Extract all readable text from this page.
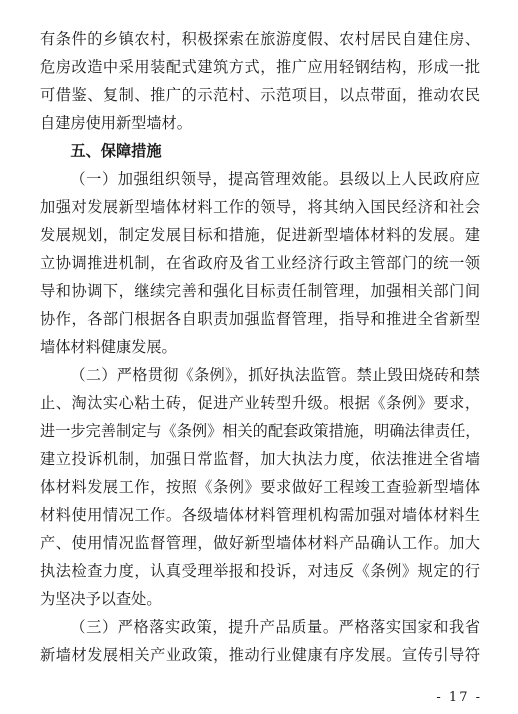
有条件的乡镇农村，积极探索在旅游度假、农村居民自建住房、
危房改造中采用装配式建筑方式，推广应用轻钢结构，形成一批
可借鉴、复制、推广的示范村、示范项目，以点带面，推动农民
自建房使用新型墙材。
五、保障措施
（一）加强组织领导，提高管理效能。县级以上人民政府应
加强对发展新型墙体材料工作的领导，将其纳入国民经济和社会
发展规划，制定发展目标和措施，促进新型墙体材料的发展。建
立协调推进机制，在省政府及省工业经济行政主管部门的统一领
导和协调下，继续完善和强化目标责任制管理，加强相关部门间
协作，各部门根据各自职责加强监督管理，指导和推进全省新型
墙体材料健康发展。
（二）严格贯彻《条例》，抓好执法监管。禁止毁田烧砖和禁
止、淘汰实心粘土砖，促进产业转型升级。根据《条例》要求，
进一步完善制定与《条例》相关的配套政策措施，明确法律责任，
建立投诉机制，加强日常监督，加大执法力度，依法推进全省墙
体材料发展工作，按照《条例》要求做好工程竣工查验新型墙体
材料使用情况工作。各级墙体材料管理机构需加强对墙体材料生
产、使用情况监督管理，做好新型墙体材料产品确认工作。加大
执法检查力度，认真受理举报和投诉，对违反《条例》规定的行
为坚决予以查处。
（三）严格落实政策，提升产品质量。严格落实国家和我省
新墙材发展相关产业政策，推动行业健康有序发展。宣传引导符
- 17 -
